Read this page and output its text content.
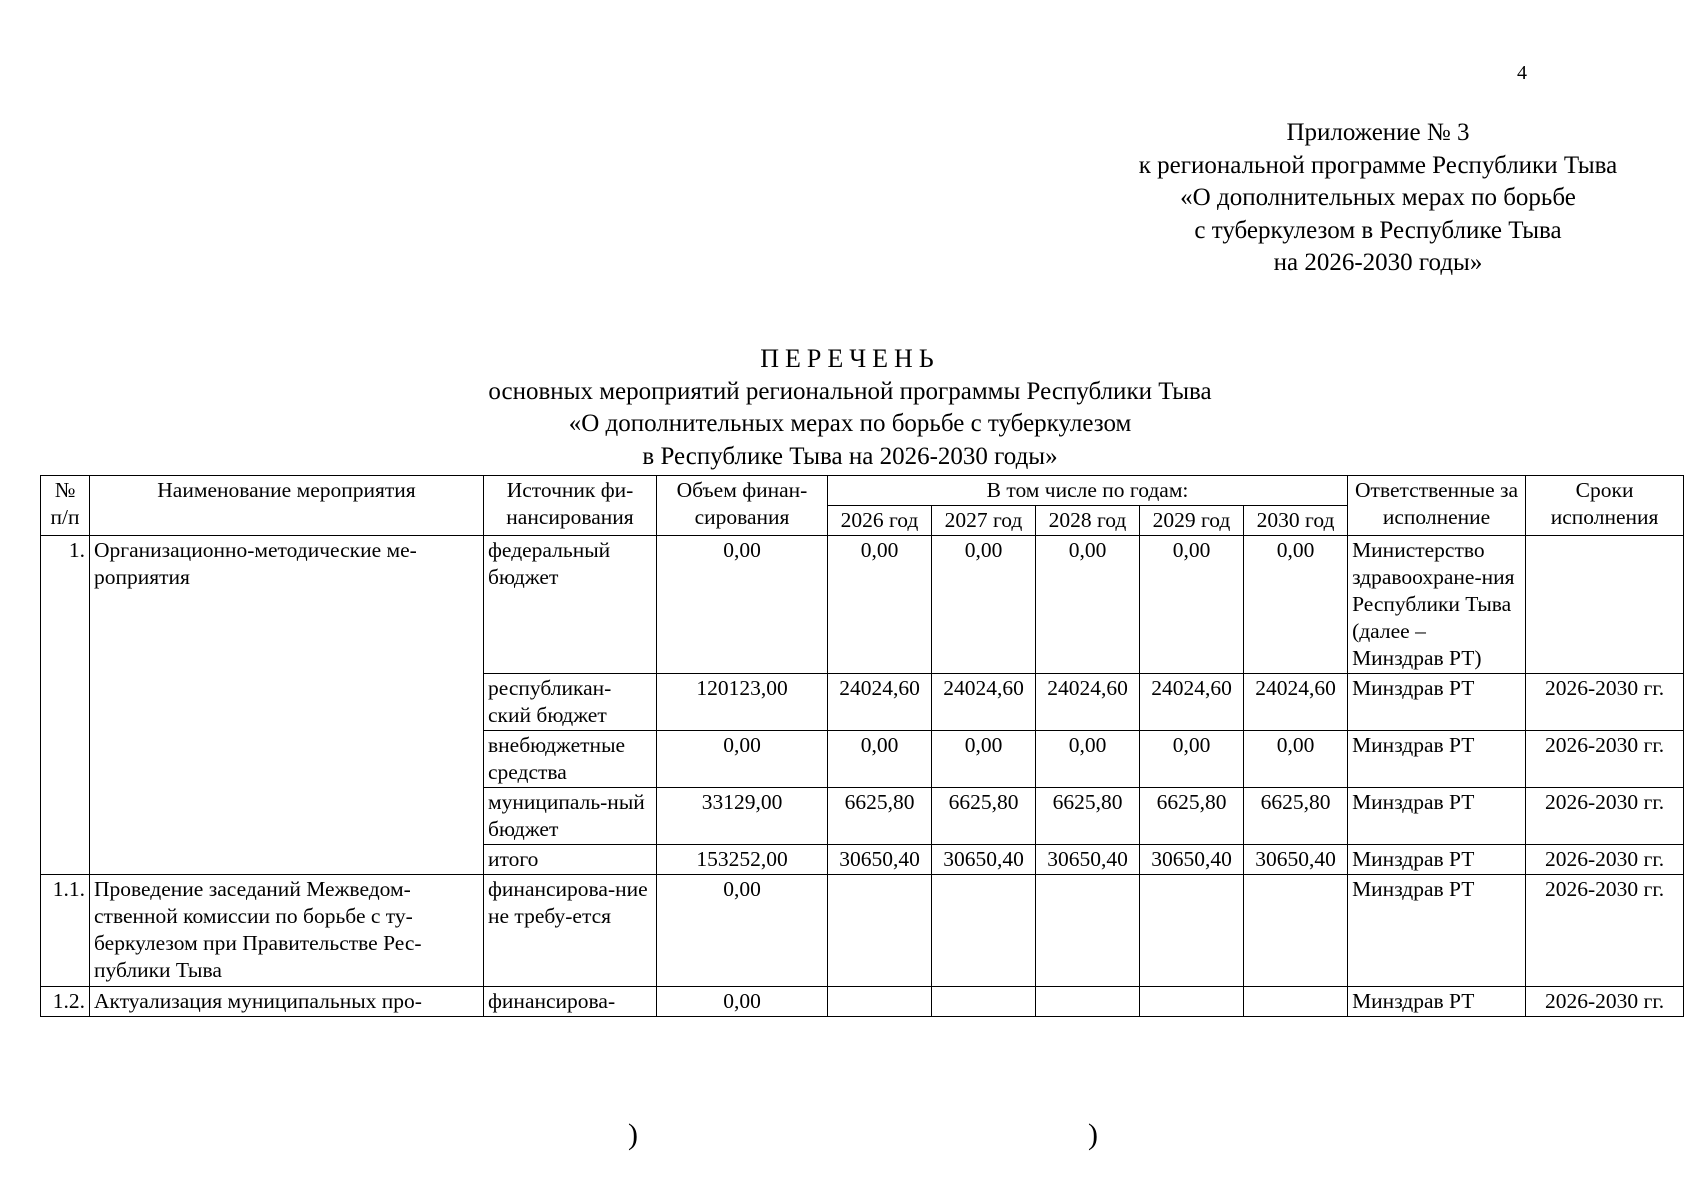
4
Приложение № 3
к региональной программе Республики Тыва
«О дополнительных мерах по борьбе
с туберкулезом в Республике Тыва
на 2026-2030 годы»
ПЕРЕЧЕНЬ
основных мероприятий региональной программы Республики Тыва
«О дополнительных мерах по борьбе с туберкулезом
в Республике Тыва на 2026-2030 годы»
№ п/п	Наименование мероприятия	Источник фи-нансирования	Объем финан-сирования	В том числе по годам:					Ответственные за исполнение	Сроки исполнения
				2026 год	2027 год	2028 год	2029 год	2030 год		
1.	Организационно-методические ме-роприятия	федеральный бюджет	0,00	0,00	0,00	0,00	0,00	0,00	Министерство здравоохране-ния Республики Тыва (далее – Минздрав РТ)	
		республикан-ский бюджет	120123,00	24024,60	24024,60	24024,60	24024,60	24024,60	Минздрав РТ	2026-2030 гг.
		внебюджетные средства	0,00	0,00	0,00	0,00	0,00	0,00	Минздрав РТ	2026-2030 гг.
		муниципаль-ный бюджет	33129,00	6625,80	6625,80	6625,80	6625,80	6625,80	Минздрав РТ	2026-2030 гг.
		итого	153252,00	30650,40	30650,40	30650,40	30650,40	30650,40	Минздрав РТ	2026-2030 гг.
1.1.	Проведение заседаний Межведом-ственной комиссии по борьбе с ту-беркулезом при Правительстве Рес-публики Тыва	финансирова-ние не требу-ется	0,00						Минздрав РТ	2026-2030 гг.
1.2.	Актуализация муниципальных про-	финансирова-	0,00						Минздрав РТ	2026-2030 гг.
)	)
